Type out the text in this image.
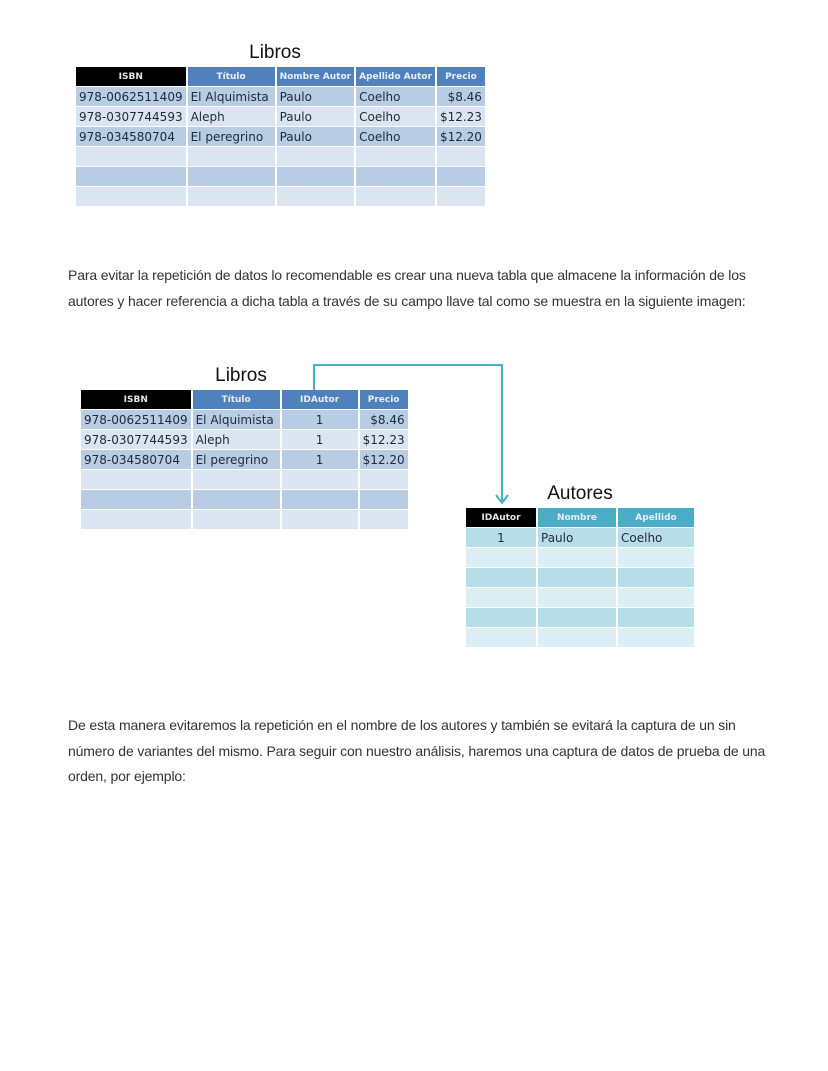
Libros
ISBN	Título	Nombre Autor	Apellido Autor	Precio
978-0062511409	El Alquimista	Paulo	Coelho	$8.46
978-0307744593	Aleph	Paulo	Coelho	$12.23
978-034580704	El peregrino	Paulo	Coelho	$12.20

Para evitar la repetición de datos lo recomendable es crear una nueva tabla que almacene la información de los autores y hacer referencia a dicha tabla a través de su campo llave tal como se muestra en la siguiente imagen:
Libros
ISBN	Título	IDAutor	Precio
978-0062511409	El Alquimista	1	$8.46
978-0307744593	Aleph	1	$12.23
978-034580704	El peregrino	1	$12.20

Autores
IDAutor	Nombre	Apellido
1	Paulo	Coelho

De esta manera evitaremos la repetición en el nombre de los autores y también se evitará la captura de un sin número de variantes del mismo. Para seguir con nuestro análisis, haremos una captura de datos de prueba de una orden, por ejemplo:
